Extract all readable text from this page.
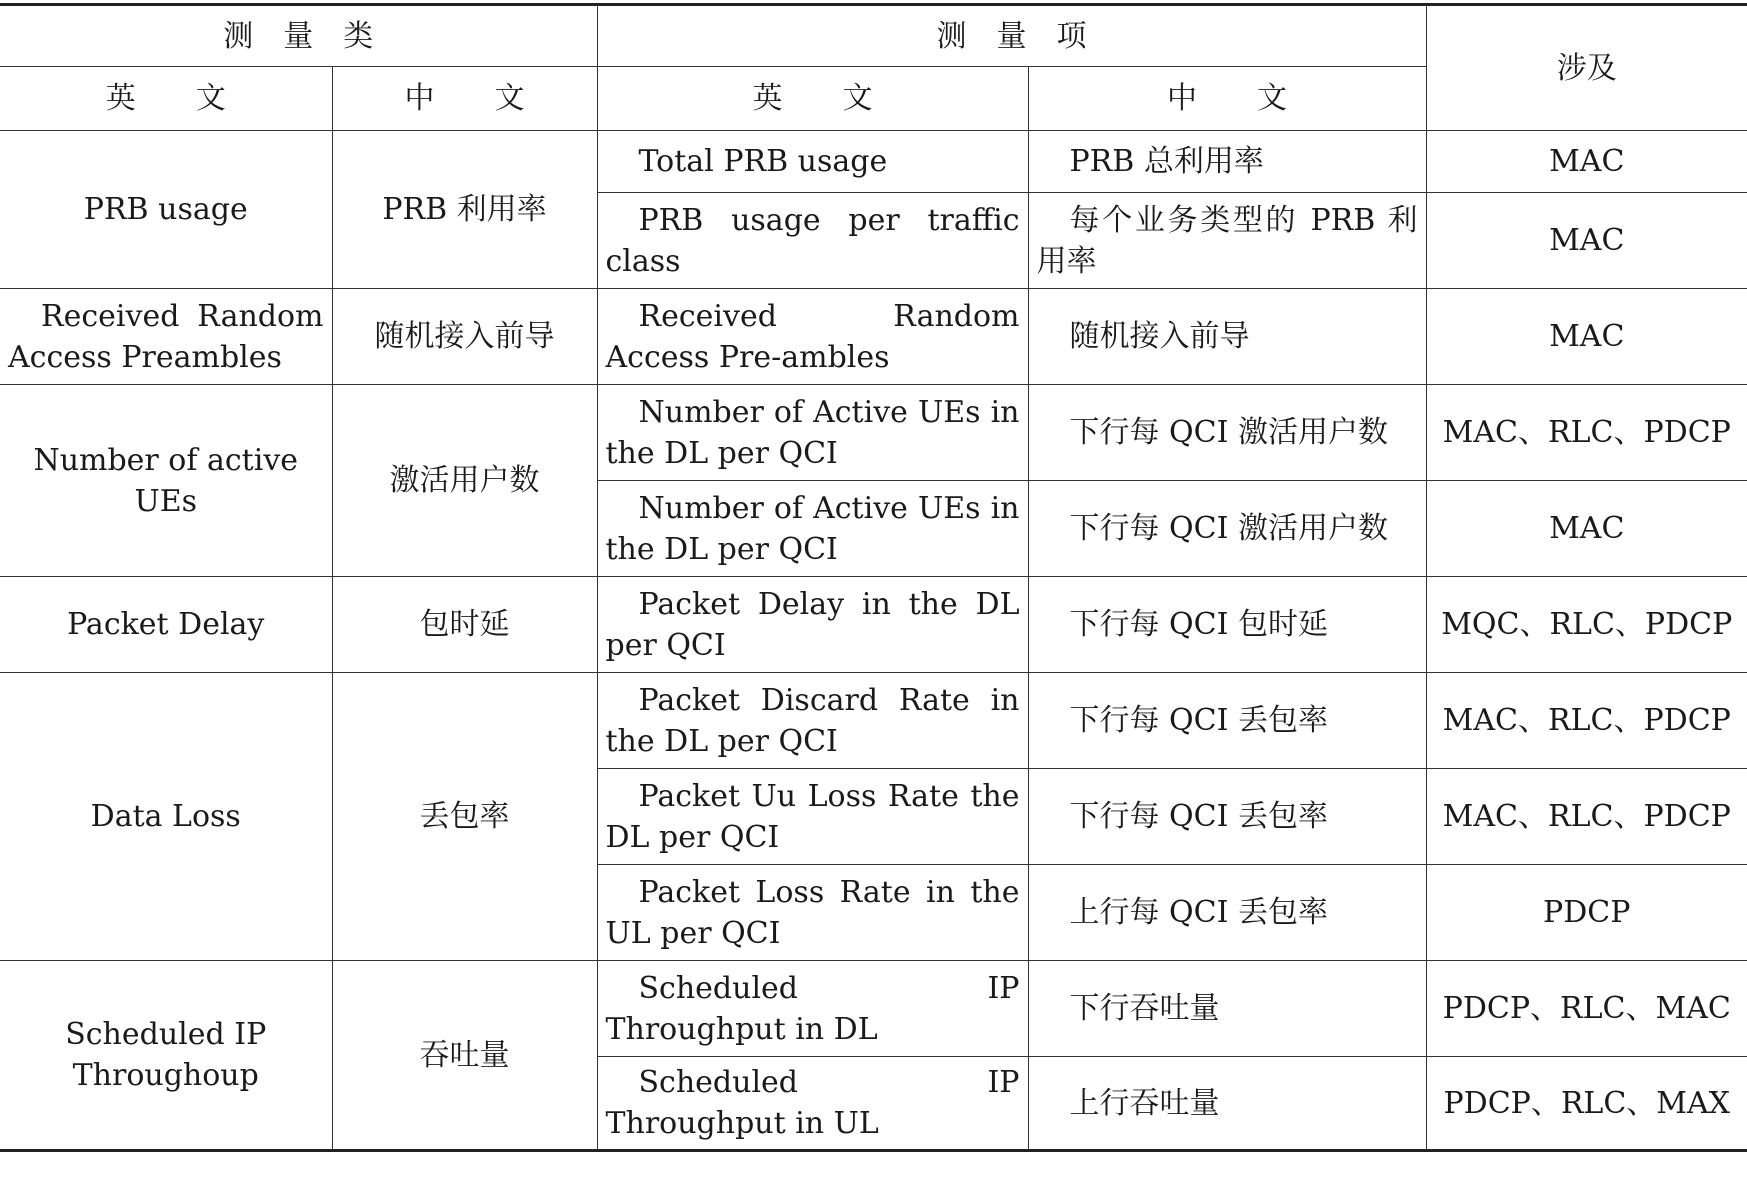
测　量　类		测　量　项		涉及
英　　文	中　　文	英　　文	中　　文	
PRB usage	PRB 利用率	Total PRB usage	PRB 总利用率	MAC
		PRB usage per traffic class	每个业务类型的 PRB 利用率	MAC
Received Random Access Preambles	随机接入前导	Received Random Access Pre-ambles	随机接入前导	MAC
Number of active UEs	激活用户数	Number of Active UEs in the DL per QCI	下行每 QCI 激活用户数	MAC、RLC、PDCP
		Number of Active UEs in the DL per QCI	下行每 QCI 激活用户数	MAC
Packet Delay	包时延	Packet Delay in the DL per QCI	下行每 QCI 包时延	MQC、RLC、PDCP
Data Loss	丢包率	Packet Discard Rate in the DL per QCI	下行每 QCI 丢包率	MAC、RLC、PDCP
		Packet Uu Loss Rate the DL per QCI	下行每 QCI 丢包率	MAC、RLC、PDCP
		Packet Loss Rate in the UL per QCI	上行每 QCI 丢包率	PDCP
Scheduled IP Throughoup	吞吐量	Scheduled IP Throughput in DL	下行吞吐量	PDCP、RLC、MAC
		Scheduled IP Throughput in UL	上行吞吐量	PDCP、RLC、MAX
